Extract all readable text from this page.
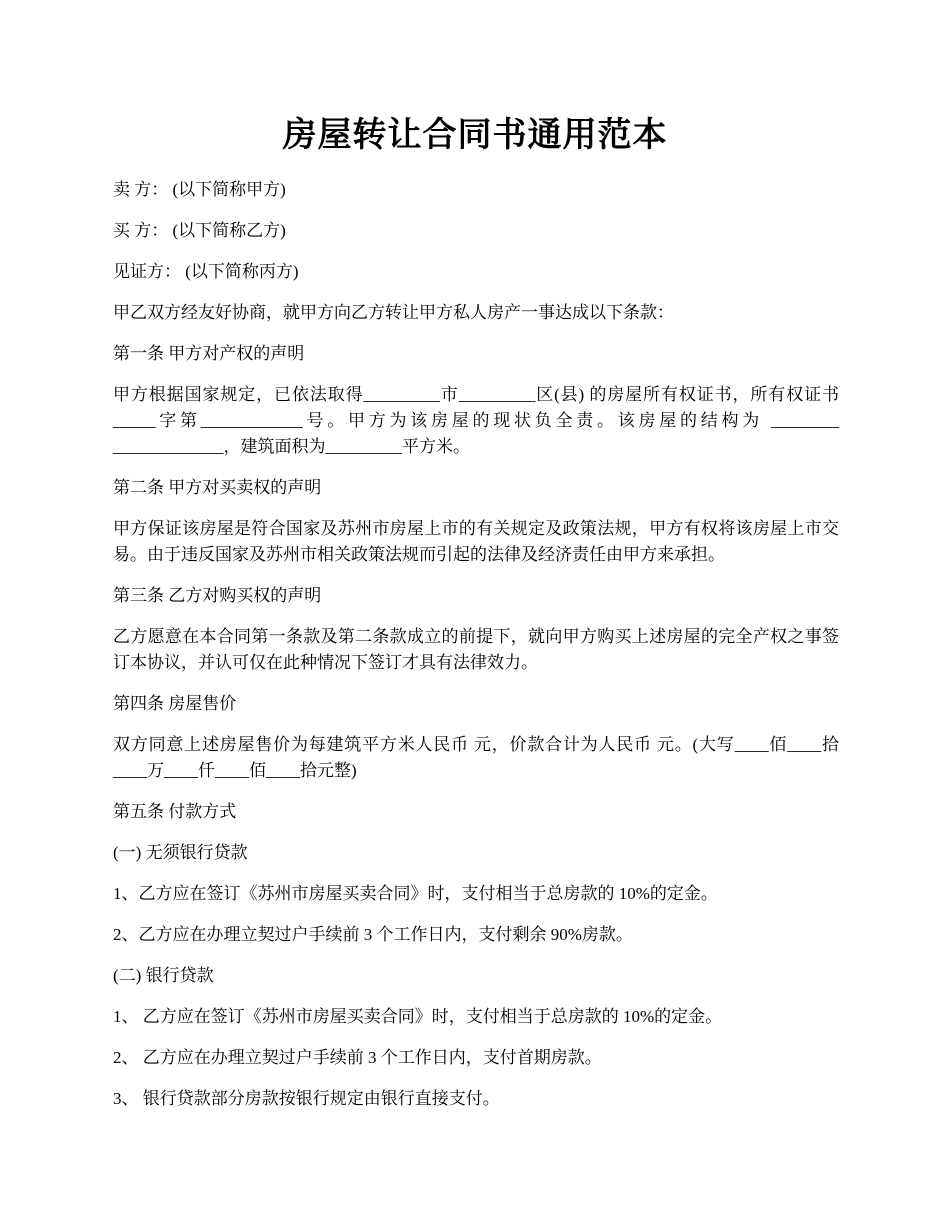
房屋转让合同书通用范本

卖 方： (以下简称甲方)

买 方： (以下简称乙方)

见证方： (以下简称丙方)

甲乙双方经友好协商，就甲方向乙方转让甲方私人房产一事达成以下条款：

第一条 甲方对产权的声明

甲方根据国家规定，已依法取得_________市_________区(县) 的房屋所有权证书，所有权证书_____字第____________号。甲方为该房屋的现状负全责。该房屋的结构为 ________ _____________，建筑面积为_________平方米。

第二条 甲方对买卖权的声明

甲方保证该房屋是符合国家及苏州市房屋上市的有关规定及政策法规，甲方有权将该房屋上市交易。由于违反国家及苏州市相关政策法规而引起的法律及经济责任由甲方来承担。

第三条 乙方对购买权的声明

乙方愿意在本合同第一条款及第二条款成立的前提下，就向甲方购买上述房屋的完全产权之事签订本协议，并认可仅在此种情况下签订才具有法律效力。

第四条 房屋售价

双方同意上述房屋售价为每建筑平方米人民币 元，价款合计为人民币 元。(大写____佰____拾____万____仟____佰____拾元整)

第五条 付款方式

(一) 无须银行贷款

1、乙方应在签订《苏州市房屋买卖合同》时，支付相当于总房款的 10%的定金。

2、乙方应在办理立契过户手续前 3 个工作日内，支付剩余 90%房款。

(二) 银行贷款

1、 乙方应在签订《苏州市房屋买卖合同》时，支付相当于总房款的 10%的定金。

2、 乙方应在办理立契过户手续前 3 个工作日内，支付首期房款。

3、 银行贷款部分房款按银行规定由银行直接支付。
